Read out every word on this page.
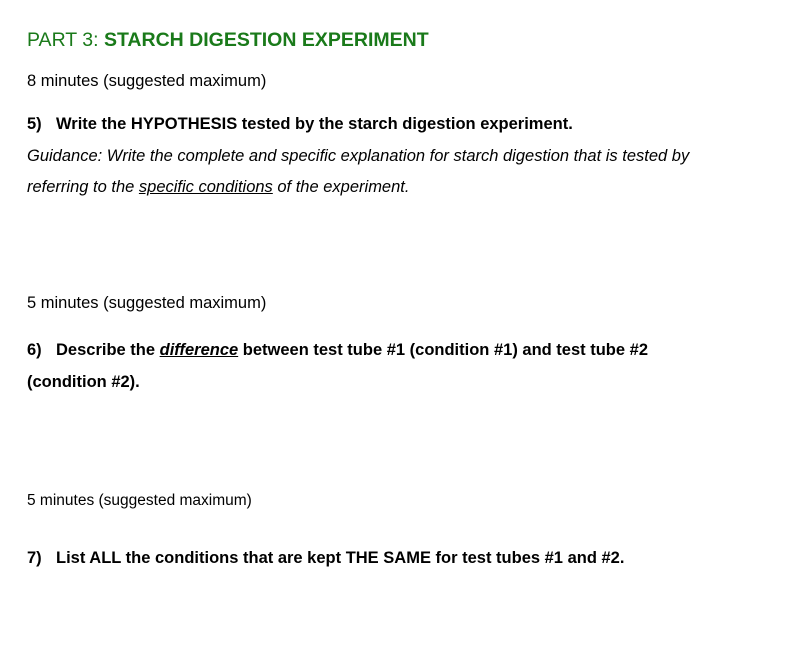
PART 3: STARCH DIGESTION EXPERIMENT
8 minutes (suggested maximum)
5) Write the HYPOTHESIS tested by the starch digestion experiment.
Guidance: Write the complete and specific explanation for starch digestion that is tested by referring to the specific conditions of the experiment.
5 minutes (suggested maximum)
6) Describe the difference between test tube #1 (condition #1) and test tube #2 (condition #2).
5 minutes (suggested maximum)
7) List ALL the conditions that are kept THE SAME for test tubes #1 and #2.
